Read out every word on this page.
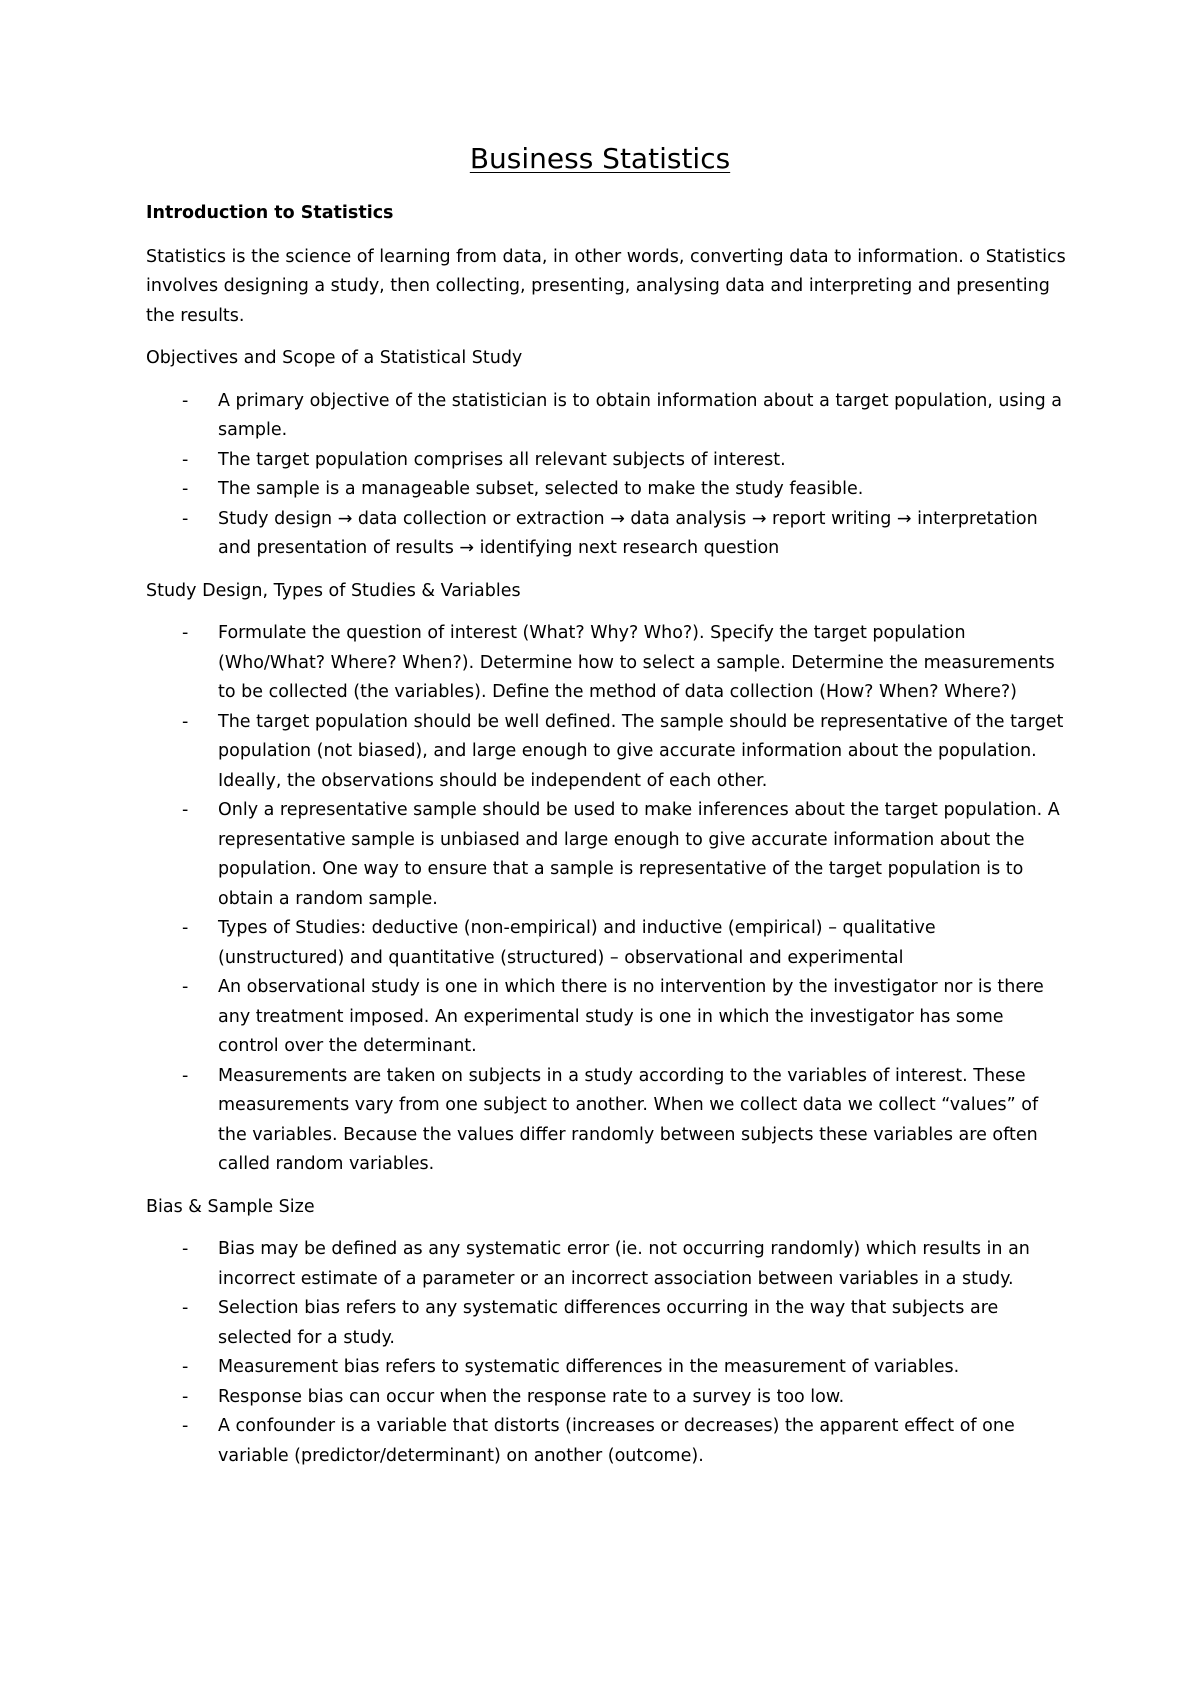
Business Statistics
Introduction to Statistics

Statistics is the science of learning from data, in other words, converting data to information. o Statistics involves designing a study, then collecting, presenting, analysing data and interpreting and presenting the results.

Objectives and Scope of a Statistical Study

- A primary objective of the statistician is to obtain information about a target population, using a sample.
- The target population comprises all relevant subjects of interest.
- The sample is a manageable subset, selected to make the study feasible.
- Study design → data collection or extraction → data analysis → report writing → interpretation and presentation of results → identifying next research question

Study Design, Types of Studies & Variables

- Formulate the question of interest (What? Why? Who?). Specify the target population (Who/What? Where? When?). Determine how to select a sample. Determine the measurements to be collected (the variables). Define the method of data collection (How? When? Where?)
- The target population should be well defined. The sample should be representative of the target population (not biased), and large enough to give accurate information about the population. Ideally, the observations should be independent of each other.
- Only a representative sample should be used to make inferences about the target population. A representative sample is unbiased and large enough to give accurate information about the population. One way to ensure that a sample is representative of the target population is to obtain a random sample.
- Types of Studies: deductive (non-empirical) and inductive (empirical) – qualitative (unstructured) and quantitative (structured) – observational and experimental
- An observational study is one in which there is no intervention by the investigator nor is there any treatment imposed. An experimental study is one in which the investigator has some control over the determinant.
- Measurements are taken on subjects in a study according to the variables of interest. These measurements vary from one subject to another. When we collect data we collect “values” of the variables. Because the values differ randomly between subjects these variables are often called random variables.

Bias & Sample Size

- Bias may be defined as any systematic error (ie. not occurring randomly) which results in an incorrect estimate of a parameter or an incorrect association between variables in a study.
- Selection bias refers to any systematic differences occurring in the way that subjects are selected for a study.
- Measurement bias refers to systematic differences in the measurement of variables.
- Response bias can occur when the response rate to a survey is too low.
- A confounder is a variable that distorts (increases or decreases) the apparent effect of one variable (predictor/determinant) on another (outcome).
